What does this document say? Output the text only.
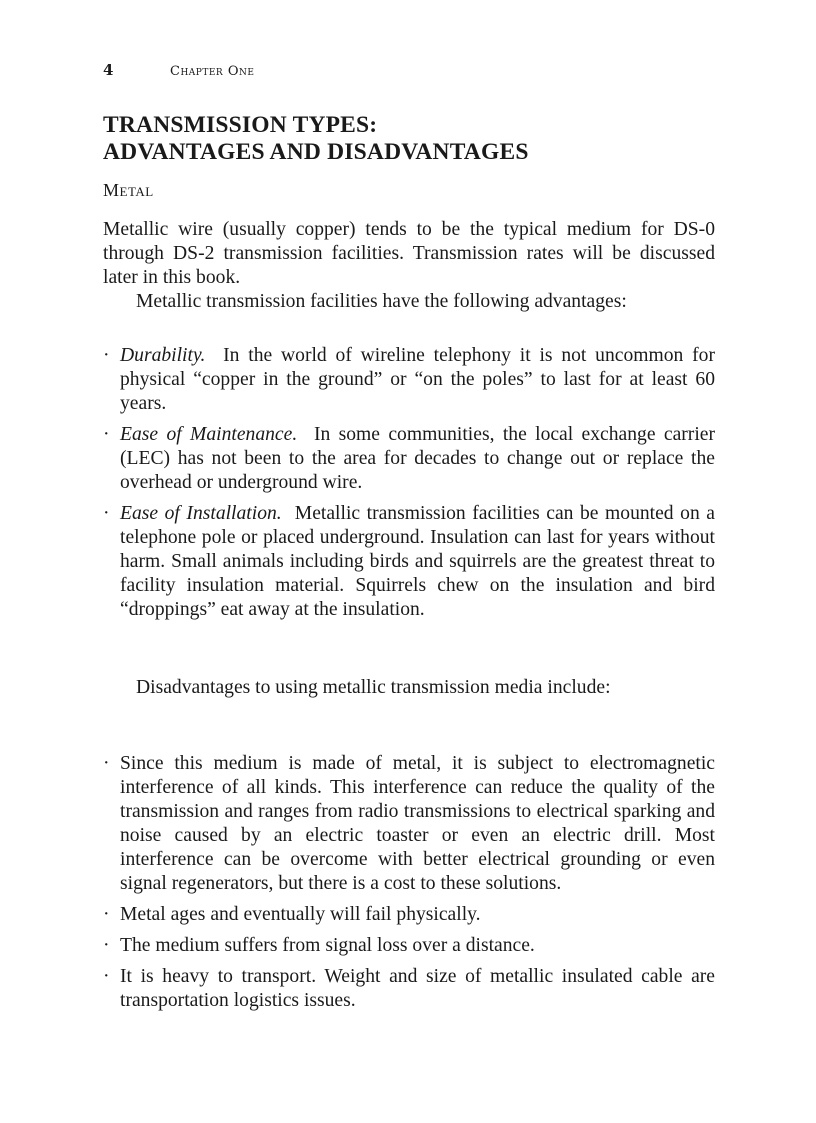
4	Chapter One
TRANSMISSION TYPES:
ADVANTAGES AND DISADVANTAGES
Metal

Metallic wire (usually copper) tends to be the typical medium for DS-0 through DS-2 transmission facilities. Transmission rates will be discussed later in this book.

Metallic transmission facilities have the following advantages:

· Durability. In the world of wireline telephony it is not uncommon for physical “copper in the ground” or “on the poles” to last for at least 60 years.
· Ease of Maintenance. In some communities, the local exchange carrier (LEC) has not been to the area for decades to change out or replace the overhead or underground wire.
· Ease of Installation. Metallic transmission facilities can be mounted on a telephone pole or placed underground. Insulation can last for years without harm. Small animals including birds and squirrels are the greatest threat to facility insulation material. Squirrels chew on the insulation and bird “droppings” eat away at the insulation.

Disadvantages to using metallic transmission media include:

· Since this medium is made of metal, it is subject to electromagnetic interference of all kinds. This interference can reduce the quality of the transmission and ranges from radio transmissions to electrical sparking and noise caused by an electric toaster or even an electric drill. Most interference can be overcome with better electrical grounding or even signal regenerators, but there is a cost to these solutions.
· Metal ages and eventually will fail physically.
· The medium suffers from signal loss over a distance.
· It is heavy to transport. Weight and size of metallic insulated cable are transportation logistics issues.
